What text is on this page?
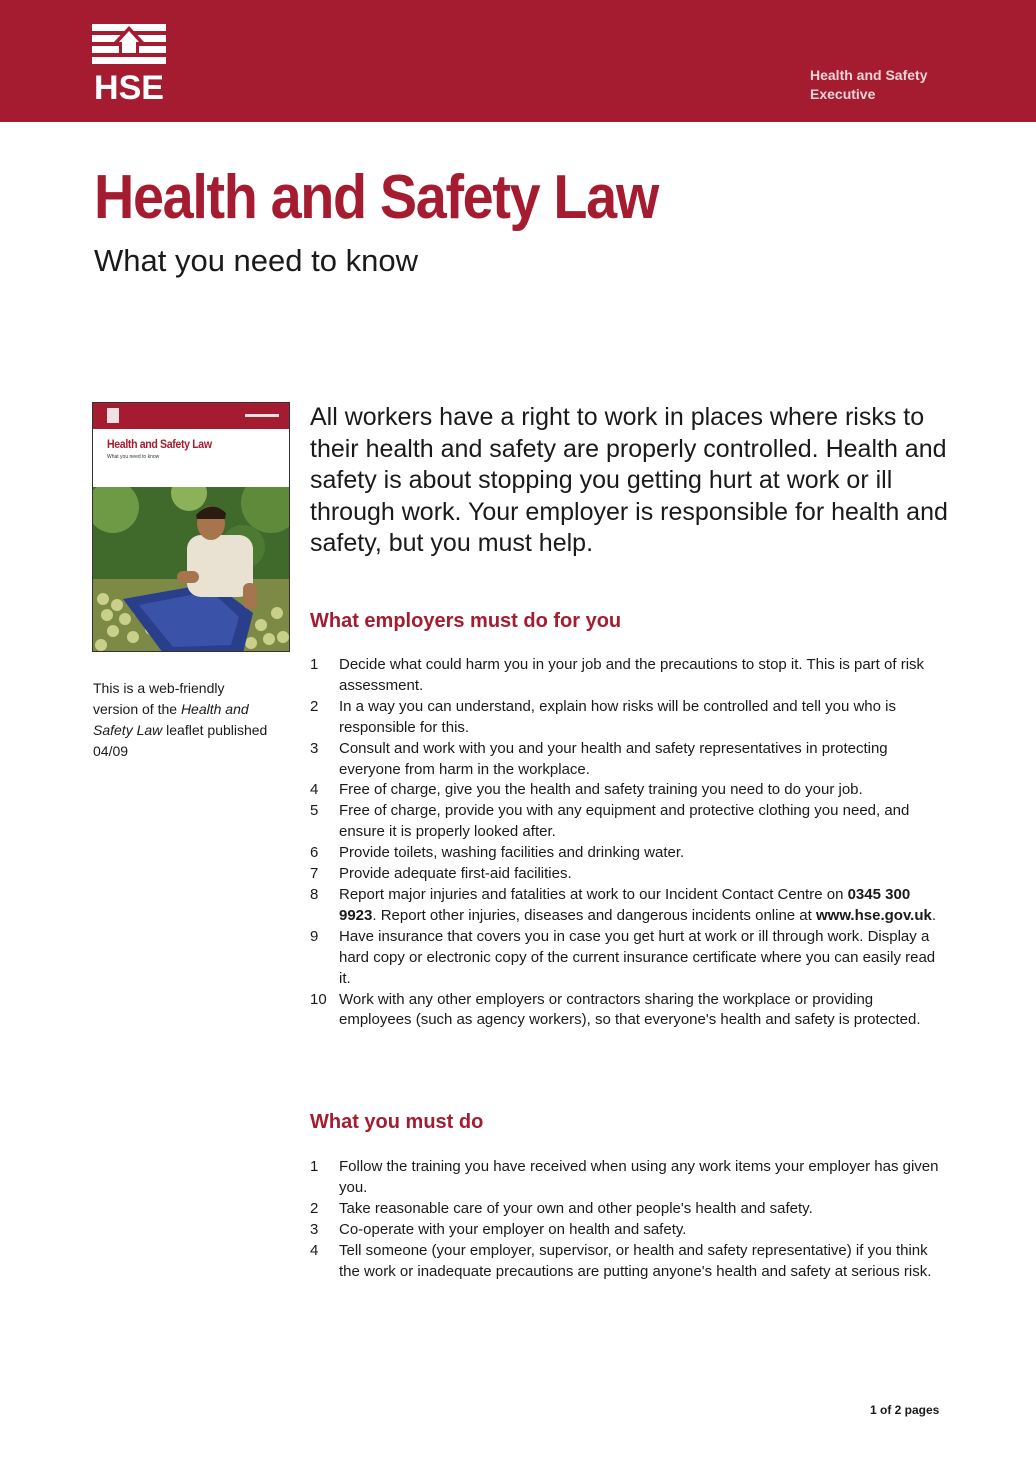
HSE	Health and Safety
Executive
Health and Safety Law
What you need to know
Health and Safety Law
What you need to know

This is a web-friendly version of the Health and Safety Law leaflet published 04/09

All workers have a right to work in places where risks to their health and safety are properly controlled. Health and safety is about stopping you getting hurt at work or ill through work. Your employer is responsible for health and safety, but you must help.

What employers must do for you
1	Decide what could harm you in your job and the precautions to stop it. This is part of risk assessment.
2	In a way you can understand, explain how risks will be controlled and tell you who is responsible for this.
3	Consult and work with you and your health and safety representatives in protecting everyone from harm in the workplace.
4	Free of charge, give you the health and safety training you need to do your job.
5	Free of charge, provide you with any equipment and protective clothing you need, and ensure it is properly looked after.
6	Provide toilets, washing facilities and drinking water.
7	Provide adequate first-aid facilities.
8	Report major injuries and fatalities at work to our Incident Contact Centre on 0345 300 9923. Report other injuries, diseases and dangerous incidents online at www.hse.gov.uk.
9	Have insurance that covers you in case you get hurt at work or ill through work. Display a hard copy or electronic copy of the current insurance certificate where you can easily read it.
10 Work with any other employers or contractors sharing the workplace or providing employees (such as agency workers), so that everyone's health and safety is protected.
What you must do
1	Follow the training you have received when using any work items your employer has given you.
2	Take reasonable care of your own and other people's health and safety.
3	Co-operate with your employer on health and safety.
4	Tell someone (your employer, supervisor, or health and safety representative) if you think the work or inadequate precautions are putting anyone's health and safety at serious risk.
1 of 2 pages
